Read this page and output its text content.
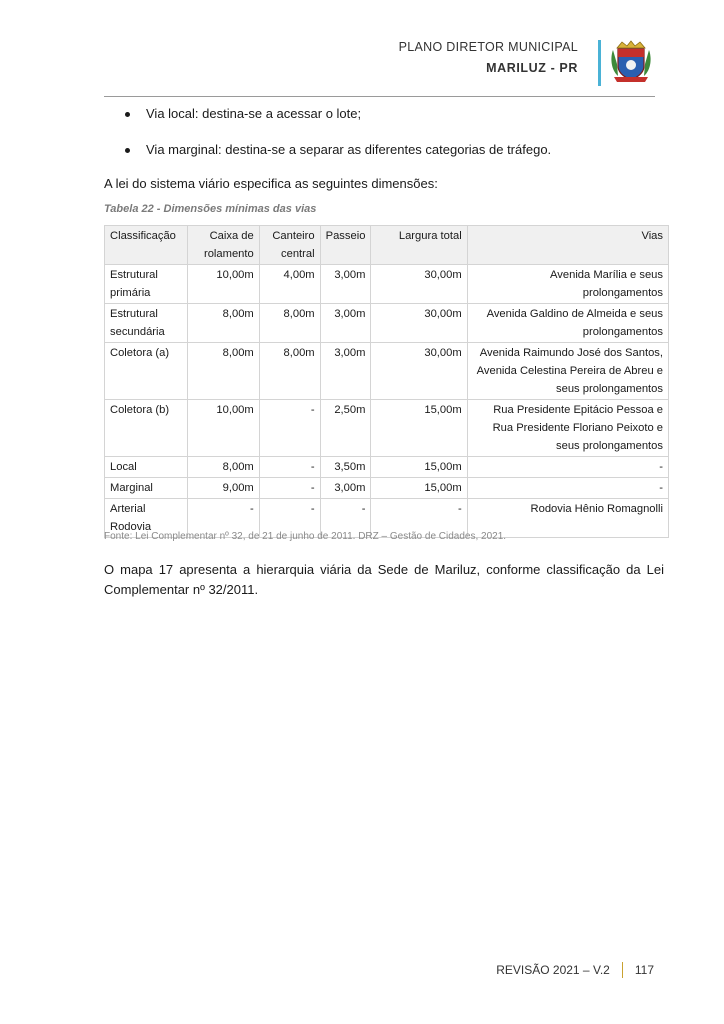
PLANO DIRETOR MUNICIPAL
MARILUZ - PR
Via local: destina-se a acessar o lote;
Via marginal: destina-se a separar as diferentes categorias de tráfego.
A lei do sistema viário especifica as seguintes dimensões:
Tabela 22 - Dimensões mínimas das vias
Classificação	Caixa de rolamento	Canteiro central	Passeio	Largura total	Vias
Estrutural primária	10,00m	4,00m	3,00m	30,00m	Avenida Marília e seus prolongamentos
Estrutural secundária	8,00m	8,00m	3,00m	30,00m	Avenida Galdino de Almeida e seus prolongamentos
Coletora (a)	8,00m	8,00m	3,00m	30,00m	Avenida Raimundo José dos Santos, Avenida Celestina Pereira de Abreu e seus prolongamentos
Coletora (b)	10,00m	-	2,50m	15,00m	Rua Presidente Epitácio Pessoa e Rua Presidente Floriano Peixoto e seus prolongamentos
Local	8,00m	-	3,50m	15,00m	-
Marginal	9,00m	-	3,00m	15,00m	-
Arterial Rodovia	-	-	-	-	Rodovia Hênio Romagnolli
Fonte: Lei Complementar nº 32, de 21 de junho de 2011. DRZ – Gestão de Cidades, 2021.
O mapa 17 apresenta a hierarquia viária da Sede de Mariluz, conforme classificação da Lei Complementar nº 32/2011.
REVISÃO 2021 – V.2 117
